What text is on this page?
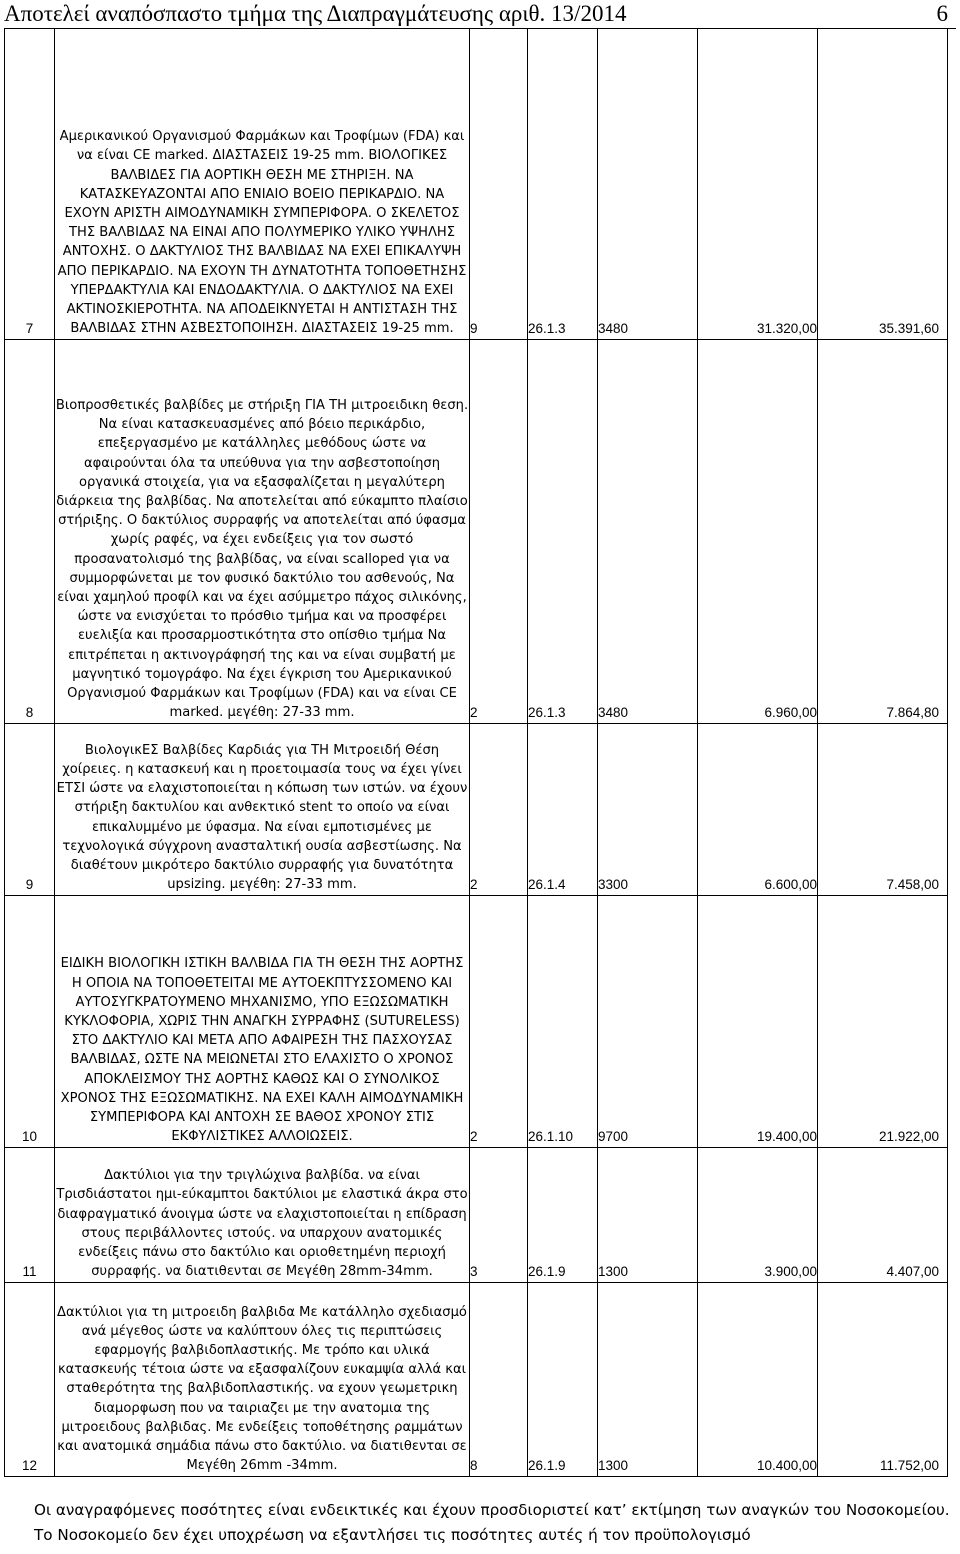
Αποτελεί αναπόσπαστο τμήμα της Διαπραγμάτευσης αριθ. 13/2014	6
7	Αμερικανικού Οργανισμού Φαρμάκων και Τροφίμων (FDA) και να είναι CE marked. ΔΙΑΣΤΑΣΕΙΣ 19-25 mm. ΒΙΟΛΟΓΙΚΕΣ ΒΑΛΒΙΔΕΣ ΓΙΑ ΑΟΡΤΙΚΗ ΘΕΣΗ ΜΕ ΣΤΗΡΙΞΗ. ΝΑ ΚΑΤΑΣΚΕΥΑΖΟΝΤΑΙ ΑΠΟ ΕΝΙΑΙΟ ΒΟΕΙΟ ΠΕΡΙΚΑΡΔΙΟ. ΝΑ ΕΧΟΥΝ ΑΡΙΣΤΗ ΑΙΜΟΔΥΝΑΜΙΚΗ ΣΥΜΠΕΡΙΦΟΡΑ. Ο ΣΚΕΛΕΤΟΣ ΤΗΣ ΒΑΛΒΙΔΑΣ ΝΑ ΕΙΝΑΙ ΑΠΟ ΠΟΛΥΜΕΡΙΚΟ ΥΛΙΚΟ ΥΨΗΛΗΣ ΑΝΤΟΧΗΣ. Ο ΔΑΚΤΥΛΙΟΣ ΤΗΣ ΒΑΛΒΙΔΑΣ ΝΑ ΕΧΕΙ ΕΠΙΚΑΛΥΨΗ ΑΠΟ ΠΕΡΙΚΑΡΔΙΟ. ΝΑ ΕΧΟΥΝ ΤΗ ΔΥΝΑΤΟΤΗΤΑ ΤΟΠΟΘΕΤΗΣΗΣ ΥΠΕΡΔΑΚΤΥΛΙΑ ΚΑΙ ΕΝΔΟΔΑΚΤΥΛΙΑ. Ο ΔΑΚΤΥΛΙΟΣ ΝΑ ΕΧΕΙ ΑΚΤΙΝΟΣΚΙΕΡΟΤΗΤΑ. ΝΑ ΑΠΟΔΕΙΚΝΥΕΤΑΙ Η ΑΝΤΙΣΤΑΣΗ ΤΗΣ ΒΑΛΒΙΔΑΣ ΣΤΗΝ ΑΣΒΕΣΤΟΠΟΙΗΣΗ. ΔΙΑΣΤΑΣΕΙΣ 19-25 mm.	9	26.1.3	3480	31.320,00	35.391,60
8	Βιοπροσθετικές βαλβίδες με στήριξη ΓΙΑ ΤΗ μιτροειδικη θεση. Να είναι κατασκευασμένες από βόειο περικάρδιο, επεξεργασμένο με κατάλληλες μεθόδους ώστε να αφαιρούνται όλα τα υπεύθυνα για την ασβεστοποίηση οργανικά στοιχεία, για να εξασφαλίζεται η μεγαλύτερη διάρκεια της βαλβίδας. Να αποτελείται από εύκαμπτο πλαίσιο στήριξης. Ο δακτύλιος συρραφής να αποτελείται από ύφασμα χωρίς ραφές, να έχει ενδείξεις για τον σωστό προσανατολισμό της βαλβίδας, να είναι scalloped για να συμμορφώνεται με τον φυσικό δακτύλιο του ασθενούς, Να είναι χαμηλού προφίλ και να έχει ασύμμετρο πάχος σιλικόνης, ώστε να ενισχύεται το πρόσθιο τμήμα και να προσφέρει ευελιξία και προσαρμοστικότητα στο οπίσθιο τμήμα Να επιτρέπεται η ακτινογράφησή της και να είναι συμβατή με μαγνητικό τομογράφο. Να έχει έγκριση του Αμερικανικού Οργανισμού Φαρμάκων και Τροφίμων (FDA) και να είναι CE marked. μεγέθη: 27-33 mm.	2	26.1.3	3480	6.960,00	7.864,80
9	ΒιολογικΕΣ Βαλβίδες Καρδιάς για ΤΗ Μιτροειδή Θέση χοίρειες. η κατασκευή και η προετοιμασία τους να έχει γίνει ΕΤΣΙ ώστε να ελαχιστοποιείται η κόπωση των ιστών. να έχουν στήριξη δακτυλίου και ανθεκτικό stent το οποίο να είναι επικαλυμμένο με ύφασμα. Να είναι εμποτισμένες με τεχνολογικά σύγχρονη ανασταλτική ουσία ασβεστίωσης. Να διαθέτουν μικρότερο δακτύλιο συρραφής για δυνατότητα upsizing. μεγέθη: 27-33 mm.	2	26.1.4	3300	6.600,00	7.458,00
10	ΕΙΔΙΚΗ ΒΙΟΛΟΓΙΚΗ ΙΣΤΙΚΗ ΒΑΛΒΙΔΑ ΓΙΑ ΤΗ ΘΕΣΗ ΤΗΣ ΑΟΡΤΗΣ Η ΟΠΟΙΑ ΝΑ ΤΟΠΟΘΕΤΕΙΤΑΙ ΜΕ ΑΥΤΟΕΚΠΤΥΣΣΟΜΕΝΟ ΚΑΙ ΑΥΤΟΣΥΓΚΡΑΤΟΥΜΕΝΟ ΜΗΧΑΝΙΣΜΟ, ΥΠΟ ΕΞΩΣΩΜΑΤΙΚΗ ΚΥΚΛΟΦΟΡΙΑ, ΧΩΡΙΣ ΤΗΝ ΑΝΑΓΚΗ ΣΥΡΡΑΦΗΣ (SUTURELESS) ΣΤΟ ΔΑΚΤΥΛΙΟ ΚΑΙ ΜΕΤΑ ΑΠΟ ΑΦΑΙΡΕΣΗ ΤΗΣ ΠΑΣΧΟΥΣΑΣ ΒΑΛΒΙΔΑΣ, ΩΣΤΕ ΝΑ ΜΕΙΩΝΕΤΑΙ ΣΤΟ ΕΛΑΧΙΣΤΟ Ο ΧΡΟΝΟΣ ΑΠΟΚΛΕΙΣΜΟΥ ΤΗΣ ΑΟΡΤΗΣ ΚΑΘΩΣ ΚΑΙ Ο ΣΥΝΟΛΙΚΟΣ ΧΡΟΝΟΣ ΤΗΣ ΕΞΩΣΩΜΑΤΙΚΗΣ. ΝΑ ΕΧΕΙ ΚΑΛΗ ΑΙΜΟΔΥΝΑΜΙΚΗ ΣΥΜΠΕΡΙΦΟΡΑ ΚΑΙ ΑΝΤΟΧΗ ΣΕ ΒΑΘΟΣ ΧΡΟΝΟΥ ΣΤΙΣ ΕΚΦΥΛΙΣΤΙΚΕΣ ΑΛΛΟΙΩΣΕΙΣ.	2	26.1.10	9700	19.400,00	21.922,00
11	Δακτύλιοι για την τριγλώχινα βαλβίδα. να είναι Τρισδιάστατοι ημι-εύκαμπτοι δακτύλιοι με ελαστικά άκρα στο διαφραγματικό άνοιγμα ώστε να ελαχιστοποιείται η επίδραση στους περιβάλλοντες ιστούς. να υπαρχουν ανατομικές ενδείξεις πάνω στο δακτύλιο και οριοθετημένη περιοχή συρραφής. να διατιθενται σε Μεγέθη 28mm-34mm.	3	26.1.9	1300	3.900,00	4.407,00
12	Δακτύλιοι για τη μιτροειδη βαλβιδα Με κατάλληλο σχεδιασμό ανά μέγεθος ώστε να καλύπτουν όλες τις περιπτώσεις εφαρμογής βαλβιδοπλαστικής. Με τρόπο και υλικά κατασκευής τέτοια ώστε να εξασφαλίζουν ευκαμψία αλλά και σταθερότητα της βαλβιδοπλαστικής. να εχουν γεωμετρικη διαμορφωση που να ταιριαζει με την ανατομια της μιτροειδους βαλβιδας. Με ενδείξεις τοποθέτησης ραμμάτων και ανατομικά σημάδια πάνω στο δακτύλιο. να διατιθενται σε Μεγέθη 26mm -34mm.	8	26.1.9	1300	10.400,00	11.752,00
Οι αναγραφόμενες ποσότητες είναι ενδεικτικές και έχουν προσδιοριστεί κατ’ εκτίμηση των αναγκών του Νοσοκομείου. Το Νοσοκομείο δεν έχει υποχρέωση να εξαντλήσει τις ποσότητες αυτές ή τον προϋπολογισμό
